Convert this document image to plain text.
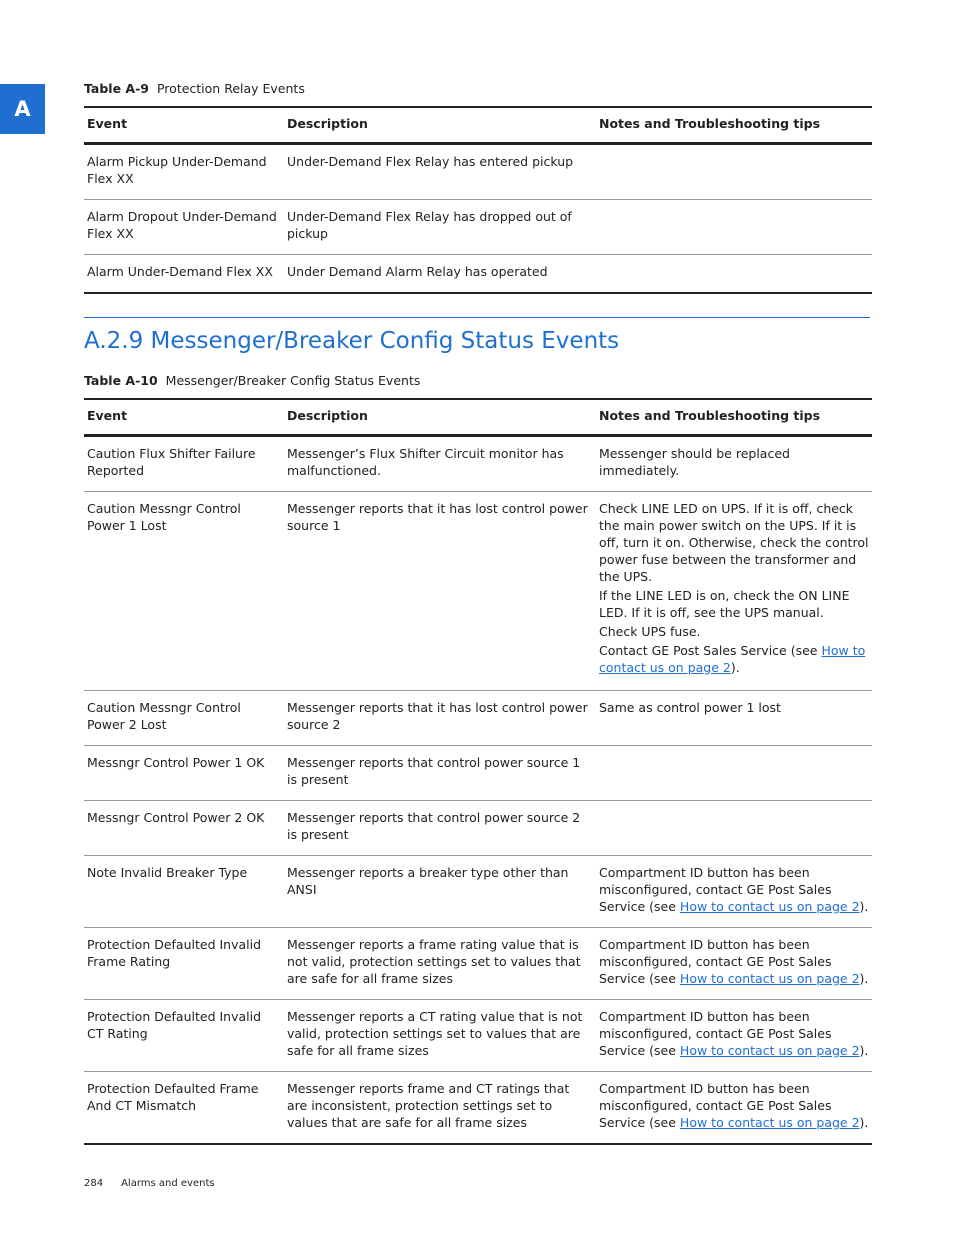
A
Table A-9 Protection Relay Events
Event	Description	Notes and Troubleshooting tips
Alarm Pickup Under-Demand Flex XX	Under-Demand Flex Relay has entered pickup	
Alarm Dropout Under-Demand Flex XX	Under-Demand Flex Relay has dropped out of pickup	
Alarm Under-Demand Flex XX	Under Demand Alarm Relay has operated	
A.2.9 Messenger/Breaker Config Status Events
Table A-10 Messenger/Breaker Config Status Events
Event	Description	Notes and Troubleshooting tips
Caution Flux Shifter Failure Reported	Messenger’s Flux Shifter Circuit monitor has malfunctioned.	Messenger should be replaced immediately.
Caution Messngr Control Power 1 Lost	Messenger reports that it has lost control power source 1	Check LINE LED on UPS. If it is off, check the main power switch on the UPS. If it is off, turn it on. Otherwise, check the control power fuse between the transformer and the UPS.

If the LINE LED is on, check the ON LINE LED. If it is off, see the UPS manual.

Check UPS fuse.

Contact GE Post Sales Service (see How to contact us on page 2).

Caution Messngr Control Power 2 Lost	Messenger reports that it has lost control power source 2	Same as control power 1 lost
Messngr Control Power 1 OK	Messenger reports that control power source 1 is present	
Messngr Control Power 2 OK	Messenger reports that control power source 2 is present	
Note Invalid Breaker Type	Messenger reports a breaker type other than ANSI	Compartment ID button has been misconfigured, contact GE Post Sales Service (see How to contact us on page 2).
Protection Defaulted Invalid Frame Rating	Messenger reports a frame rating value that is not valid, protection settings set to values that are safe for all frame sizes	Compartment ID button has been misconfigured, contact GE Post Sales Service (see How to contact us on page 2).
Protection Defaulted Invalid CT Rating	Messenger reports a CT rating value that is not valid, protection settings set to values that are safe for all frame sizes	Compartment ID button has been misconfigured, contact GE Post Sales Service (see How to contact us on page 2).
Protection Defaulted Frame And CT Mismatch	Messenger reports frame and CT ratings that are inconsistent, protection settings set to values that are safe for all frame sizes	Compartment ID button has been misconfigured, contact GE Post Sales Service (see How to contact us on page 2).
284 Alarms and events
